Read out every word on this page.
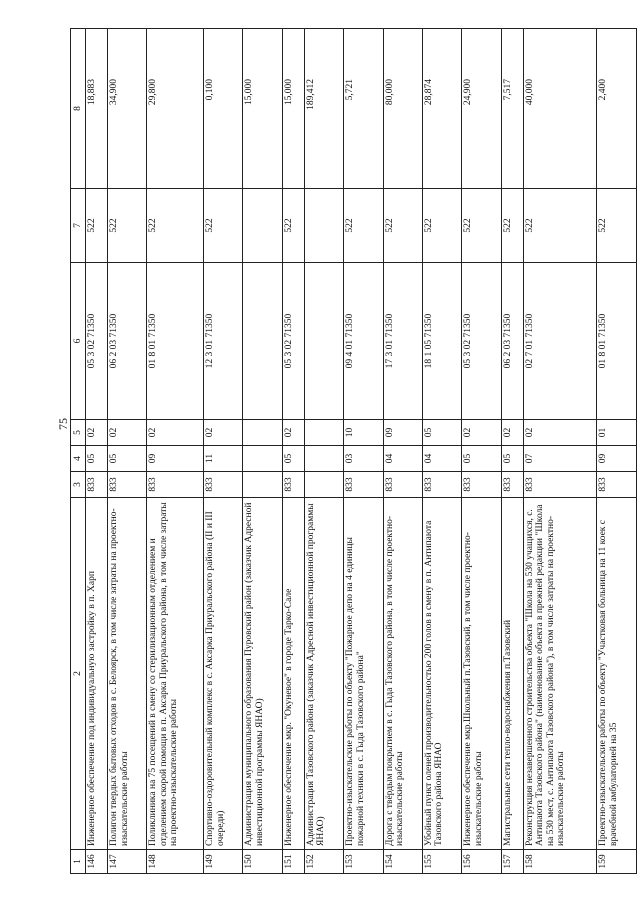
75
1	2	3	4	5	6	7	8
146	Инженерное обеспечение под индивидуальную застройку в п. Харп	833	05	02	05 3 02 71350	522	18,883
147	Полигон твердых бытовых отходов в с. Белоярск, в том числе затраты на проектно-изыскательские работы	833	05	02	06 2 03 71350	522	34,900
148	Поликлиника на 75 посещений в смену со стерилизационным отделением и отделением скорой помощи в п. Аксарка Приуральского района, в том числе затраты на проектно-изыскательские работы	833	09	02	01 8 01 71350	522	29,800
149	Спортивно-оздоровительный комплекс в с. Аксарка Приуральского района (II и III очереди)	833	11	02	12 3 01 71350	522	0,100
150	Администрация муниципального образования Пуровский район (заказчик Адресной инвестиционной программы ЯНАО)						15,000
151	Инженерное обеспечение мкр. "Окуневое" в городе Тарко-Сале	833	05	02	05 3 02 71350	522	15,000
152	Администрация Тазовского района (заказчик Адресной инвестиционной программы ЯНАО)						189,412
153	Проектно-изыскательские работы по объекту "Пожарное депо на 4 единицы пожарной техники в с. Гыда Тазовского района"	833	03	10	09 4 01 71350	522	5,721
154	Дорога с твёрдым покрытием в с. Гыда Тазовского района, в том числе проектно-изыскательские работы	833	04	09	17 3 01 71350	522	80,000
155	Убойный пункт оленей производительностью 200 голов в смену в п. Антипаюта Тазовского района ЯНАО	833	04	05	18 1 05 71350	522	28,874
156	Инженерное обеспечение мкр.Школьный п.Тазовский, в том числе проектно-изыскательские работы	833	05	02	05 3 02 71350	522	24,900
157	Магистральные сети тепло-водоснабжения п.Тазовский	833	05	02	06 2 03 71350	522	7,517
158	Реконструкция незавершенного строительства объекта "Школа на 530 учащихся, с. Антипаюта Тазовского района" (наименование объекта в прежней редакции "Школа на 530 мест, с. Антипаюта Тазовского района"), в том числе затраты на проектно-изыскательские работы	833	07	02	02 7 01 71350	522	40,000
159	Проектно-изыскательские работы по объекту "Участковая больница на 11 коек с врачебной амбулаторией на 35	833	09	01	01 8 01 71350	522	2,400
